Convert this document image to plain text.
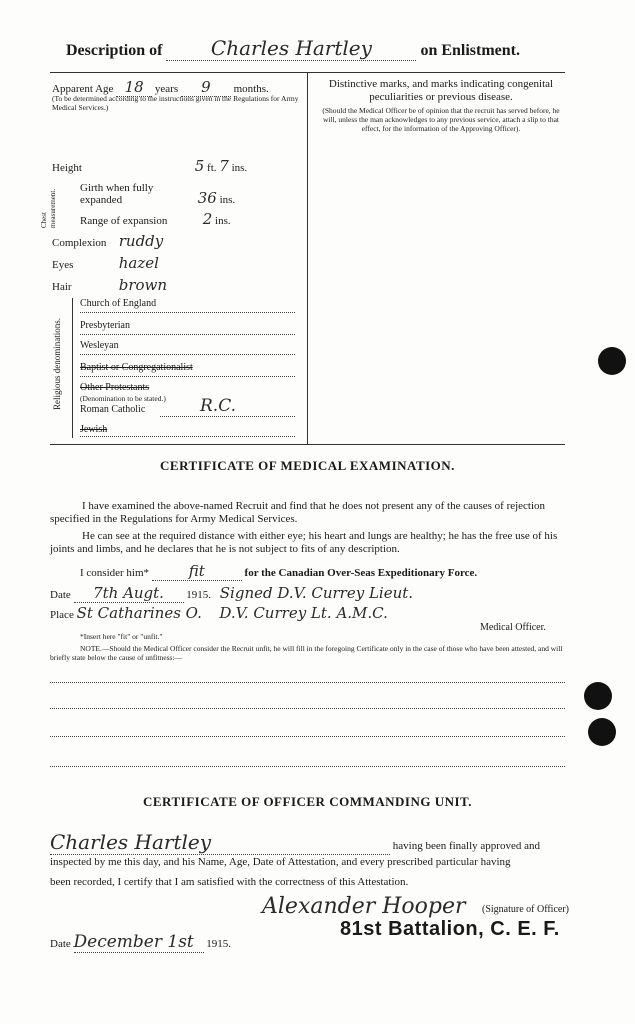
Description of Charles Hartley	on Enlistment.
Apparent Age 18 years 9 months.
(To be determined according to the instructions given in the Regulations for Army Medical Services.)
Height	5 ft. 7 ins.
Chest measurement.
Girth when fully expanded	36 ins.
Range of expansion 2 ins.
Complexion ruddy
Eyes	hazel
Hair	brown
Religious denominations.
Church of England
Presbyterian
Wesleyan
Baptist or Congregationalist
Other Protestants
(Denomination to be stated.)
Roman Catholic	R.C.
Jewish
Distinctive marks, and marks indicating congenital peculiarities or previous disease.
(Should the Medical Officer be of opinion that the recruit has served before, he will, unless the man acknowledges to any previous service, attach a slip to that effect, for the information of the Approving Officer).
CERTIFICATE OF MEDICAL EXAMINATION.
I have examined the above-named Recruit and find that he does not present any of the causes of rejection specified in the Regulations for Army Medical Services.
He can see at the required distance with either eye; his heart and lungs are healthy; he has the free use of his joints and limbs, and he declares that he is not subject to fits of any description.
I consider him*	fit	for the Canadian Over-Seas Expeditionary Force.
Date 7th Augt. 1915. Signed D.V. Currey Lieut.
Place St Catharines O. D.V. Currey Lt. A.M.C.
Medical Officer.
*Insert here "fit" or "unfit."
NOTE.—Should the Medical Officer consider the Recruit unfit, he will fill in the foregoing Certificate only in the case of those who have been attested, and will briefly state below the cause of unfitness:—
CERTIFICATE OF OFFICER COMMANDING UNIT.
Charles Hartley	having been finally approved and
inspected by me this day, and his Name, Age, Date of Attestation, and every prescribed particular having
been recorded, I certify that I am satisfied with the correctness of this Attestation.
Alexander Hooper (Signature of Officer)
Date December 1st 1915.
81st Battalion, C. E. F.
